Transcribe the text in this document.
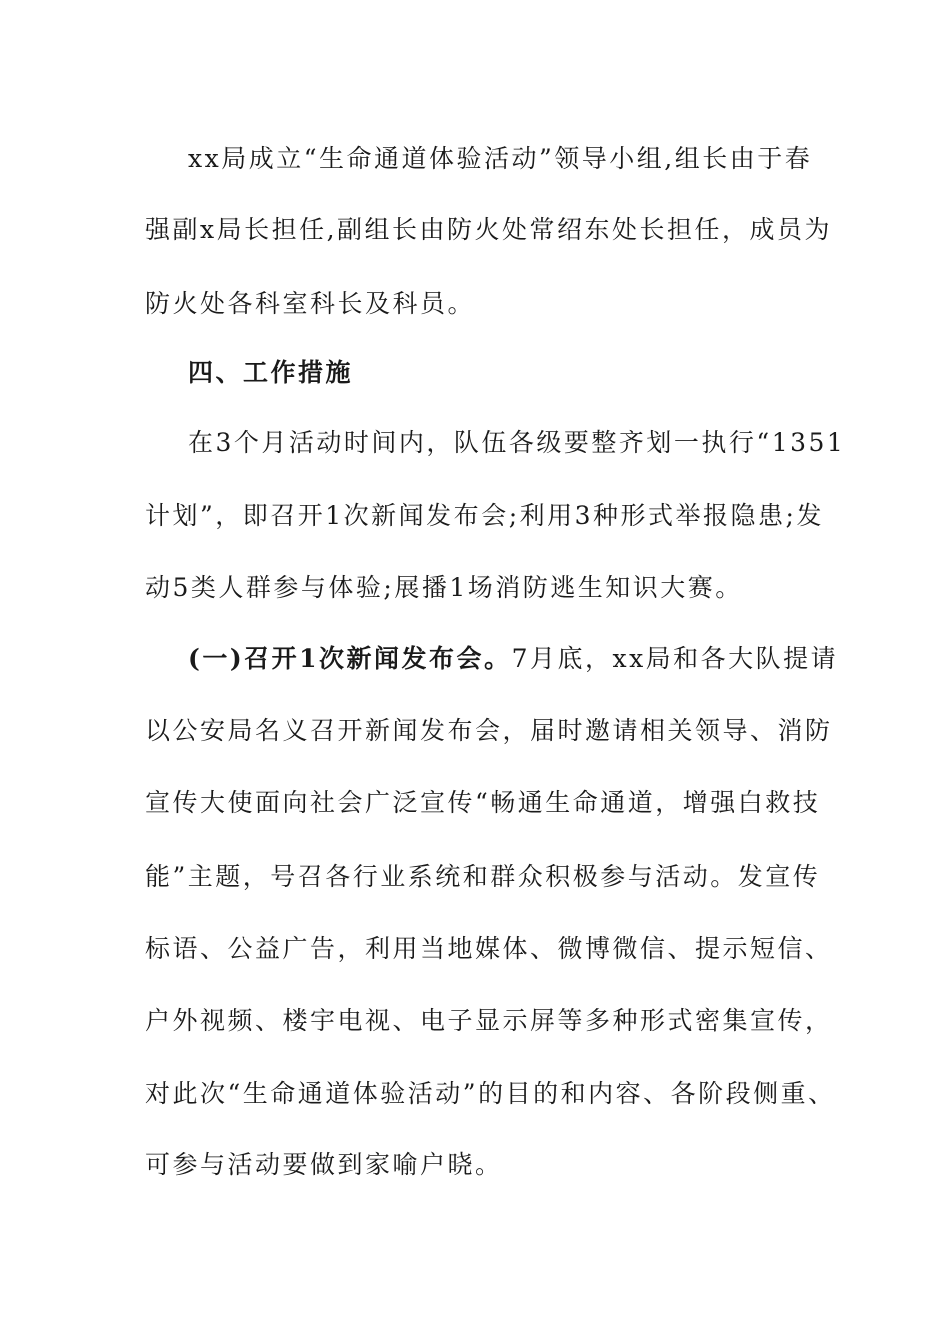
xx局成立“生命通道体验活动”领导小组,组长由于春
强副x局长担任,副组长由防火处常绍东处长担任，成员为
防火处各科室科长及科员。
四、工作措施
在3个月活动时间内，队伍各级要整齐划一执行“1351
计划”，即召开1次新闻发布会;利用3种形式举报隐患;发
动5类人群参与体验;展播1场消防逃生知识大赛。
(一)召开1次新闻发布会。7月底，xx局和各大队提请
以公安局名义召开新闻发布会，届时邀请相关领导、消防
宣传大使面向社会广泛宣传“畅通生命通道，增强白救技
能”主题，号召各行业系统和群众积极参与活动。发宣传
标语、公益广告，利用当地媒体、微博微信、提示短信、
户外视频、楼宇电视、电子显示屏等多种形式密集宣传，
对此次“生命通道体验活动”的目的和内容、各阶段侧重、
可参与活动要做到家喻户晓。
